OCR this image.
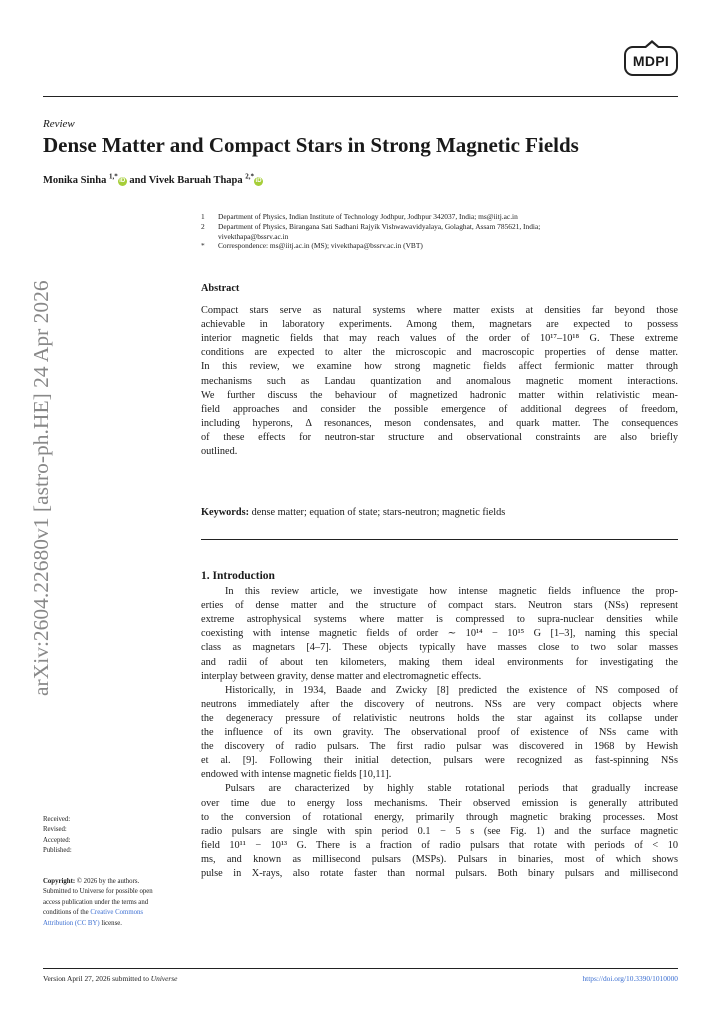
MDPI
Review
Dense Matter and Compact Stars in Strong Magnetic Fields
Monika Sinha $^{1,*}$iD and Vivek Baruah Thapa $^{2,*}$iD
1 Department of Physics, Indian Institute of Technology Jodhpur, Jodhpur 342037, India; ms@iitj.ac.in
2 Department of Physics, Birangana Sati Sadhani Rajyik Vishwawavidyalaya, Golaghat, Assam 785621, India;
vivekthapa@bssrv.ac.in
* Correspondence: ms@iitj.ac.in (MS); vivekthapa@bssrv.ac.in (VBT)
Abstract
Compact stars serve as natural systems where matter exists at densities far beyond those
achievable in laboratory experiments. Among them, magnetars are expected to possess
interior magnetic fields that may reach values of the order of 10¹⁷–10¹⁸ G. These extreme
conditions are expected to alter the microscopic and macroscopic properties of dense matter.
In this review, we examine how strong magnetic fields affect fermionic matter through
mechanisms such as Landau quantization and anomalous magnetic moment interactions.
We further discuss the behaviour of magnetized hadronic matter within relativistic mean-
field approaches and consider the possible emergence of additional degrees of freedom,
including hyperons, Δ resonances, meson condensates, and quark matter. The consequences
of these effects for neutron-star structure and observational constraints are also briefly
outlined.
Keywords: dense matter; equation of state; stars-neutron; magnetic fields
1. Introduction
In this review article, we investigate how intense magnetic fields influence the prop-
erties of dense matter and the structure of compact stars. Neutron stars (NSs) represent
extreme astrophysical systems where matter is compressed to supra-nuclear densities while
coexisting with intense magnetic fields of order ∼ 10¹⁴ − 10¹⁵ G [1–3], naming this special
class as magnetars [4–7]. These objects typically have masses close to two solar masses
and radii of about ten kilometers, making them ideal environments for investigating the
interplay between gravity, dense matter and electromagnetic effects.
Historically, in 1934, Baade and Zwicky [8] predicted the existence of NS composed of
neutrons immediately after the discovery of neutrons. NSs are very compact objects where
the degeneracy pressure of relativistic neutrons holds the star against its collapse under
the influence of its own gravity. The observational proof of existence of NSs came with
the discovery of radio pulsars. The first radio pulsar was discovered in 1968 by Hewish
et al. [9]. Following their initial detection, pulsars were recognized as fast-spinning NSs
endowed with intense magnetic fields [10,11].
Pulsars are characterized by highly stable rotational periods that gradually increase
over time due to energy loss mechanisms. Their observed emission is generally attributed
to the conversion of rotational energy, primarily through magnetic braking processes. Most
radio pulsars are single with spin period 0.1 − 5 s (see Fig. 1) and the surface magnetic
field 10¹¹ − 10¹³ G. There is a fraction of radio pulsars that rotate with periods of < 10
ms, and known as millisecond pulsars (MSPs). Pulsars in binaries, most of which shows
pulse in X-rays, also rotate faster than normal pulsars. Both binary pulsars and millisecond
Received:
Revised:
Accepted:
Published:
Copyright: © 2026 by the authors.
Submitted to Universe for possible open
access publication under the terms and
conditions of the Creative Commons
Attribution (CC BY) license.
arXiv:2604.22680v1 [astro-ph.HE] 24 Apr 2026
Version April 27, 2026 submitted to Universe	https://doi.org/10.3390/1010000
